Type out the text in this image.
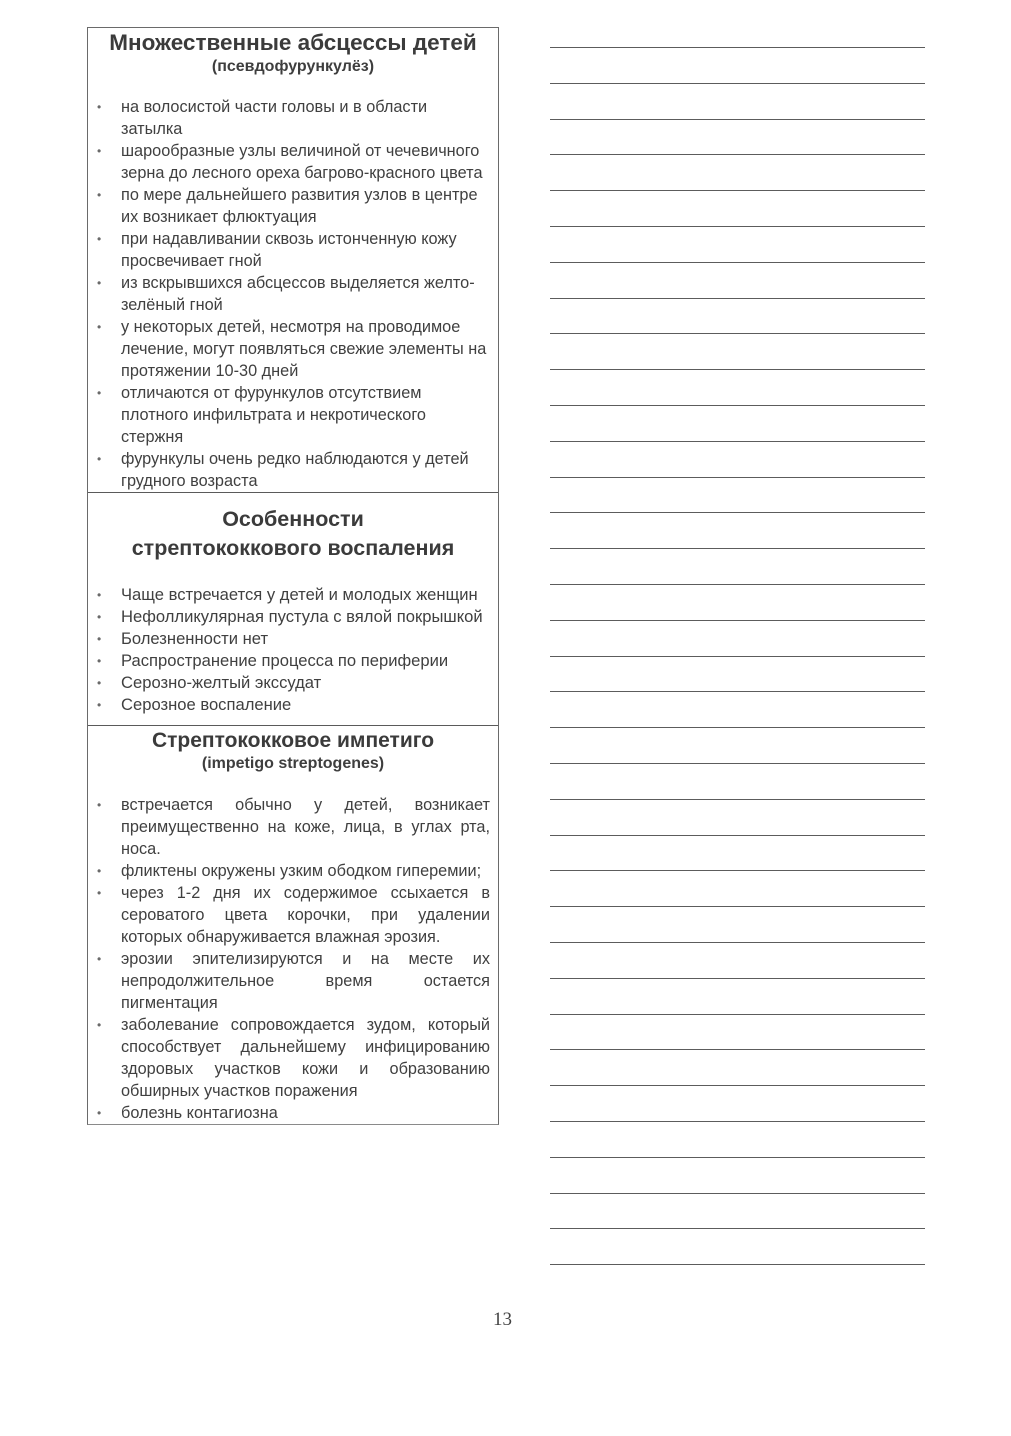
Множественные абсцессы детей

(псевдофурункулёз)

• на волосистой части головы и в области затылка
• шарообразные узлы величиной от чечевичного зерна до лесного ореха багрово-красного цвета
• по мере дальнейшего развития узлов в центре их возникает флюктуация
• при надавливании сквозь истонченную кожу просвечивает гной
• из вскрывшихся абсцессов выделяется желто-зелёный гной
• у некоторых детей, несмотря на проводимое лечение, могут появляться свежие элементы на протяжении 10-30 дней
• отличаются от фурункулов отсутствием плотного инфильтрата и некротического стержня
• фурункулы очень редко наблюдаются у детей грудного возраста
Особенности
стрептококкового воспаления
• Чаще встречается у детей и молодых женщин
• Нефолликулярная пустула с вялой покрышкой
• Болезненности нет
• Распространение процесса по периферии
• Серозно-желтый экссудат
• Серозное воспаление
Стрептококковое импетиго

(impetigo streptogenes)

• встречается обычно у детей, возникает преимущественно на коже, лица, в углах рта, носа.
• фликтены окружены узким ободком гиперемии;
• через 1-2 дня их содержимое ссыхается в сероватого цвета корочки, при удалении которых обнаруживается влажная эрозия.
• эрозии эпителизируются и на месте их непродолжительное время остается пигментация
• заболевание сопровождается зудом, который способствует дальнейшему инфицированию здоровых участков кожи и образованию обширных участков поражения
• болезнь контагиозна
13
